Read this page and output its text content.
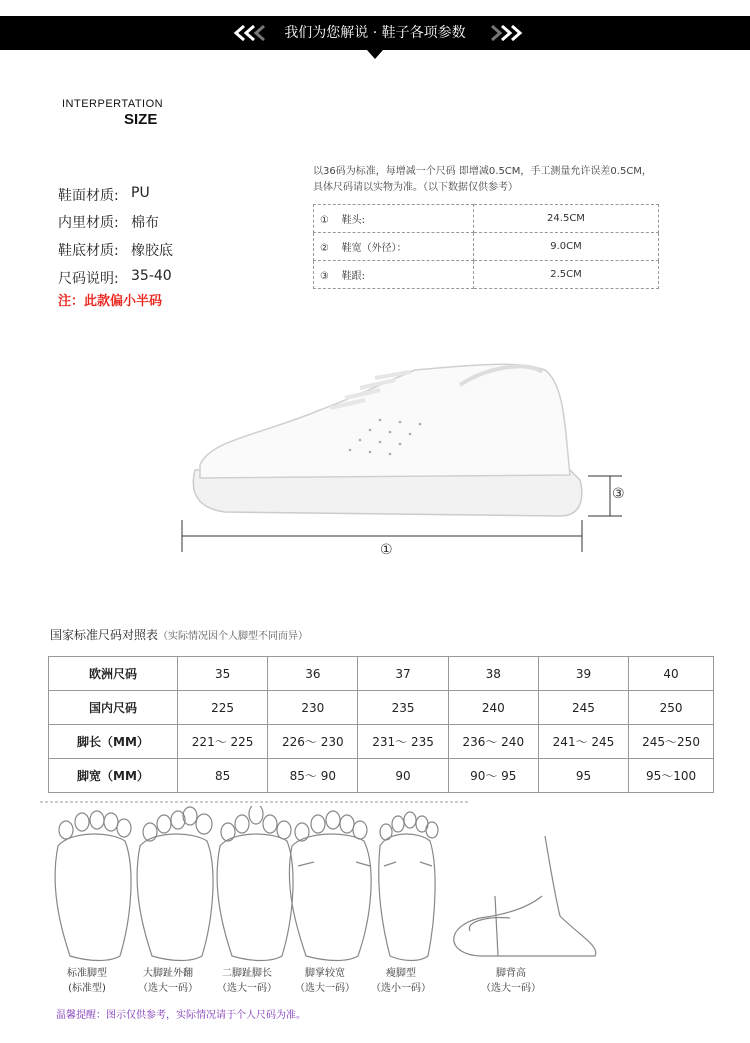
我们为您解说 · 鞋子各项参数
INTERPERTATION
SIZE
鞋面材质: PU
内里材质: 棉布
鞋底材质: 橡胶底
尺码说明: 35-40
注：此款偏小半码
以36码为标准，每增减一个尺码 即增减0.5CM，手工测量允许误差0.5CM，
具体尺码请以实物为准。（以下数据仅供参考）
① 鞋头:	24.5CM
② 鞋宽（外径）：	9.0CM
③ 鞋跟:	2.5CM
①
③
国家标准尺码对照表（实际情况因个人脚型不同而异）
欧洲尺码	35	36	37	38	39	40
国内尺码	225	230	235	240	245	250
脚长（MM）	221～ 225	226～ 230	231～ 235	236～ 240	241～ 245	245～250
脚宽（MM）	85	85～ 90	90	90～ 95	95	95～100
标准脚型
(标准型)
大脚趾外翻
（选大一码）
二脚趾脚长
（选大一码）
脚掌较宽
（选大一码）
瘦脚型
（选小一码）
脚背高
（选大一码）
温馨提醒：图示仅供参考，实际情况请于个人尺码为准。
